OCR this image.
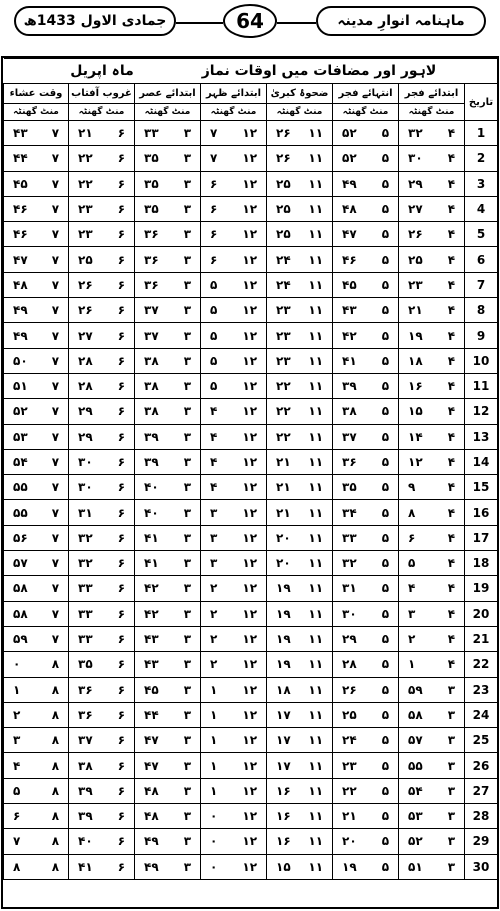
جمادی الاول 1433ھ	64	ماہنامہ انوارِ مدینہ
لاہور اور مضافات میں اوقات نماز					ماہ اپریل		
تاریخ	ابتدائے فجر	انتہائے فجر	ضحوۂ کبریٰ	ابتدائے ظہر	ابتدائے عصر	غروب آفتاب	وقت عشاء
	منٹ گھنٹہ	منٹ گھنٹہ	منٹ گھنٹہ	منٹ گھنٹہ	منٹ گھنٹہ	منٹ گھنٹہ	منٹ گھنٹہ
1	۳۲ ۴	۵۲ ۵	۲۶ ۱۱	۷ ۱۲	۳۳ ۳	۲۱ ۶	۴۳ ۷

2	۳۰ ۴	۵۲ ۵	۲۶ ۱۱	۷ ۱۲	۳۵ ۳	۲۲ ۶	۴۴ ۷

3	۲۹ ۴	۴۹ ۵	۲۵ ۱۱	۶ ۱۲	۳۵ ۳	۲۲ ۶	۴۵ ۷

4	۲۷ ۴	۴۸ ۵	۲۵ ۱۱	۶ ۱۲	۳۵ ۳	۲۳ ۶	۴۶ ۷

5	۲۶ ۴	۴۷ ۵	۲۵ ۱۱	۶ ۱۲	۳۶ ۳	۲۳ ۶	۴۶ ۷

6	۲۵ ۴	۴۶ ۵	۲۴ ۱۱	۶ ۱۲	۳۶ ۳	۲۵ ۶	۴۷ ۷

7	۲۳ ۴	۴۵ ۵	۲۴ ۱۱	۵ ۱۲	۳۶ ۳	۲۶ ۶	۴۸ ۷

8	۲۱ ۴	۴۳ ۵	۲۳ ۱۱	۵ ۱۲	۳۷ ۳	۲۶ ۶	۴۹ ۷

9	۱۹ ۴	۴۲ ۵	۲۳ ۱۱	۵ ۱۲	۳۷ ۳	۲۷ ۶	۴۹ ۷

10	۱۸ ۴	۴۱ ۵	۲۳ ۱۱	۵ ۱۲	۳۸ ۳	۲۸ ۶	۵۰ ۷

11	۱۶ ۴	۳۹ ۵	۲۲ ۱۱	۵ ۱۲	۳۸ ۳	۲۸ ۶	۵۱ ۷

12	۱۵ ۴	۳۸ ۵	۲۲ ۱۱	۴ ۱۲	۳۸ ۳	۲۹ ۶	۵۲ ۷

13	۱۴ ۴	۳۷ ۵	۲۲ ۱۱	۴ ۱۲	۳۹ ۳	۲۹ ۶	۵۳ ۷

14	۱۲ ۴	۳۶ ۵	۲۱ ۱۱	۴ ۱۲	۳۹ ۳	۳۰ ۶	۵۴ ۷

15	۹ ۴	۳۵ ۵	۲۱ ۱۱	۴ ۱۲	۴۰ ۳	۳۰ ۶	۵۵ ۷

16	۸ ۴	۳۴ ۵	۲۱ ۱۱	۳ ۱۲	۴۰ ۳	۳۱ ۶	۵۵ ۷

17	۶ ۴	۳۳ ۵	۲۰ ۱۱	۳ ۱۲	۴۱ ۳	۳۲ ۶	۵۶ ۷

18	۵ ۴	۳۲ ۵	۲۰ ۱۱	۳ ۱۲	۴۱ ۳	۳۲ ۶	۵۷ ۷

19	۴ ۴	۳۱ ۵	۱۹ ۱۱	۲ ۱۲	۴۲ ۳	۳۳ ۶	۵۸ ۷

20	۳ ۴	۳۰ ۵	۱۹ ۱۱	۲ ۱۲	۴۲ ۳	۳۳ ۶	۵۸ ۷

21	۲ ۴	۲۹ ۵	۱۹ ۱۱	۲ ۱۲	۴۳ ۳	۳۳ ۶	۵۹ ۷

22	۱ ۴	۲۸ ۵	۱۹ ۱۱	۲ ۱۲	۴۳ ۳	۳۵ ۶	۰ ۸

23	۵۹ ۳	۲۶ ۵	۱۸ ۱۱	۱ ۱۲	۴۵ ۳	۳۶ ۶	۱ ۸

24	۵۸ ۳	۲۵ ۵	۱۷ ۱۱	۱ ۱۲	۴۴ ۳	۳۶ ۶	۲ ۸

25	۵۷ ۳	۲۴ ۵	۱۷ ۱۱	۱ ۱۲	۴۷ ۳	۳۷ ۶	۳ ۸

26	۵۵ ۳	۲۳ ۵	۱۷ ۱۱	۱ ۱۲	۴۷ ۳	۳۸ ۶	۴ ۸

27	۵۴ ۳	۲۲ ۵	۱۶ ۱۱	۱ ۱۲	۴۸ ۳	۳۹ ۶	۵ ۸

28	۵۳ ۳	۲۱ ۵	۱۶ ۱۱	۰ ۱۲	۴۸ ۳	۳۹ ۶	۶ ۸

29	۵۲ ۳	۲۰ ۵	۱۶ ۱۱	۰ ۱۲	۴۹ ۳	۴۰ ۶	۷ ۸

30	۵۱ ۳	۱۹ ۵	۱۵ ۱۱	۰ ۱۲	۴۹ ۳	۴۱ ۶	۸ ۸
